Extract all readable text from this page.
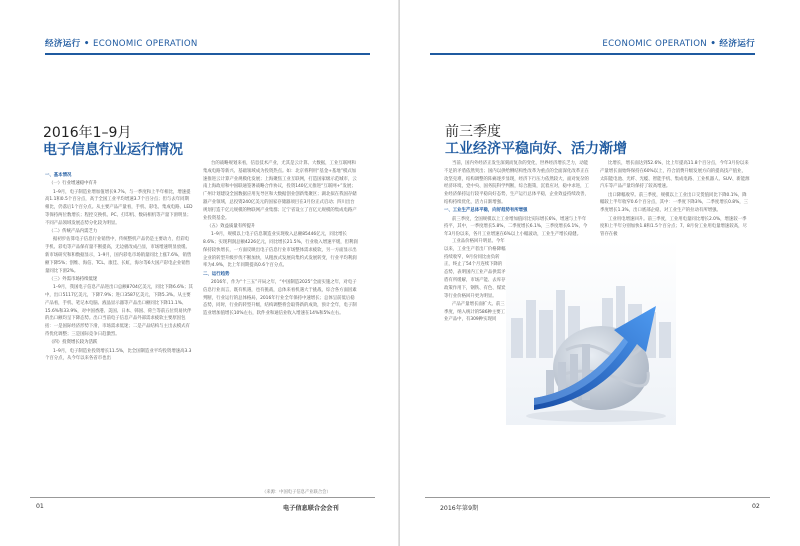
经济运行 • ECONOMIC OPERATION
2016年1–9月
电子信息行业运行情况

一、基本情况

（一）行业增速稳中有升

1–9月，电子制造业增加值增长9.7%，与一季度和上半年相比，增速提高1.1和0.5个百分点，高于全国工业平均增速3.7个百分点；但与去年同期相比，仍落后1个百分点。从主要产品产量看，手机、彩电、集成电路、LED等保持两位数增长；程控交换机、PC、打印机、数码相机等产量下滑明显；不同产品领域发展态势分化较为明显。

（二）传统产品内需乏力

据初步估算电子信息行业销售中，传统整机产品仍是主要动力，但彩电手机、彩电等产品保有量不断提高，无边板改成凸显，市场增速明显放缓。新市场研究和和数据显示，1–9月，国内彩电市场销量同比上涨7.6%，销售额下降5%；创维、海信、TCL、康佳、长虹，海尔等6大国产彩电企业销售量同比下滑2%。

（三）外需市场持续低迷

1–9月，我国电子信息产品进出口总额8704亿美元，同比下降6.6%；其中，出口5117亿美元，下降7.9%；进口3587亿美元，下降5.3%。从主要产品看，手机、笔记本电脑、液晶显示器等产品出口额同比下降11.1%、15.6%和33.9%，对中国香港、美国、日本、韩国、荷兰等前五位贸易伙伴的出口额均呈下降态势。出口当前电子信息产品外部需求疲软主要原因包括：一是国际经济形势下滑，市场需求低迷；二是产品结构与主出去模式有待优化调整；三是国际竞争日趋激烈。

（四）投资增长较为活跃

1–9月，电子制造业投资增长11.5%，比全国制造业平均投资增速高3.3个百分点，从今年以来各省市也出

台的战略规划来看，信息技术产业，尤其是云计算、大数据，工业互联网和集成电路等新兴、基础领域成为投资热点。如：北京将利用“基金+基地”模式加速推进云计算产业规模化发展；上海聚焦工业互联网，打造国家级示范城市，云南上海政府和中国联通签署战略合作协议，投资140亿元推进“互联网+”发展；广州计划建设全国数据应用先导区和大数据创业创新集聚区；湖北拟在我国存储器产业领域，总投资240亿美元的国家存储器项目在3月份正式启动；四川出台规划打造千亿元规模的物联网产业集群；辽宁省设立了百亿元规模的集成电路产业投资基金。

（五）效益质量有所提升

1–9月，规模以上电子信息制造业实现收入总额85446亿元，同比增长8.6%；实现利润总额4226亿元，同比增长21.5%，行业收入增速平缓，但利润保持较快增长，一方面反映出电子信息行业市场整体需求疲软，另一方面显示出企业的转型升级步伐不断加快，从粗放式发展向集约式发展转变，行业平均利润率为4.9%，比上年同期提高0.6个百分点。

二、运行趋势

2016年，作为“十三五”开局之年，“中国制造2025”全面实施之年，对电子信息行业而言，既有机遇，也有挑战，总体来看机遇大于挑战，综合各方面因素判断，行业运行的总体格局，2016年行业全年保持中速增长；总体呈前低后稳态势，同时，行业的转型升级，结构调整将会取得新的成效，预计全年，电子制造业增加值增长10%左右，软件业和通信业收入增速在14%和5%左右。

（来源：中国电子信息产业联合会）
01	电子信息联合会会刊
ECONOMIC OPERATION • 经济运行
前三季度
工业经济平稳向好、活力渐增

当前，国内外经济正发生深刻而复杂的变化，世界经济增长乏力，动能不足的矛盾依然突出；国内以供给侧结构性改革为重点的全面深化改革正在攻坚克难，结构调整的阵痛逐步显现，经济下行压力依然较大，面对复杂的经济环境，党中央、国务院科学判断，综合施策，沉着应对，稳中求进，工业经济保持运行较平稳向好态势，生产运行总体平稳，企业效益持续改善，结构持续优化，活力日渐增强。

一、工业生产总体平稳，向好趋势有所增强

前三季度，全国规模以上工业增加值同比实际增长6%，增速与上半年持平，其中，一季度增长5.8%，二季度增长6.1%，三季度增长6.1%，今年3月份以来，各月工业增速在6%以上小幅波动，工业生产增长稳健。

比增长，增长面达到52.6%，比上年提高11.8个百分点，今年3月份以来产量增长面始终保持在60%以上，符合消费升级发展方向的提高技产值业，太阳能电池、光纤、光缆、智能手机、集成电路、工业机器人、SUV、新能源汽车等产品产量均保持了较高增速。

出口降幅收窄。前三季度，规模以上工业出口交货值同比下降0.1%，降幅较上半年收窄0.6个百分点，其中：一季度下降3%，二季度增长0.8%，三季度增长1.3%，出口底部企稳，对工业生产的拉动有所增强。

工业用电增速回升。前三季度，工业用电量同比增长2.0%，增速较一季度和上半年分别加快1.8和1.5个百分点；7、8月份工业用电量增速较高，尽管存在极

工业品价格回升明显。今年以来，工业生产者出厂价格降幅持续收窄，9月份同比由负转正，终止了54个月连续下降的态势，表明国内工业产品供需矛盾有所缓解，市场产能、去库存政策作用下，钢铁、有色、煤炭等行业价格回升更为明显。

产品产量增长面扩大。前三季度，纳入统计的586种主要工业产品中，有309种实现同

2016年第9期	02
